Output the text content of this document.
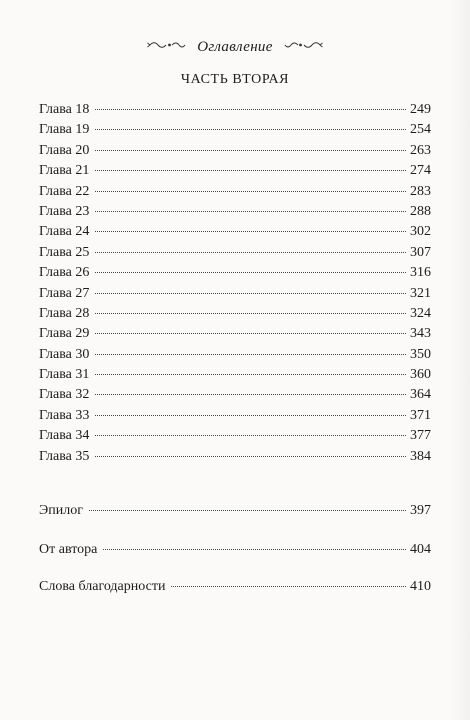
Оглавление
ЧАСТЬ ВТОРАЯ
Глава 18	249
Глава 19	254
Глава 20	263
Глава 21	274
Глава 22	283
Глава 23	288
Глава 24	302
Глава 25	307
Глава 26	316
Глава 27	321
Глава 28	324
Глава 29	343
Глава 30	350
Глава 31	360
Глава 32	364
Глава 33	371
Глава 34	377
Глава 35	384
Эпилог	397
От автора	404
Слова благодарности	410
